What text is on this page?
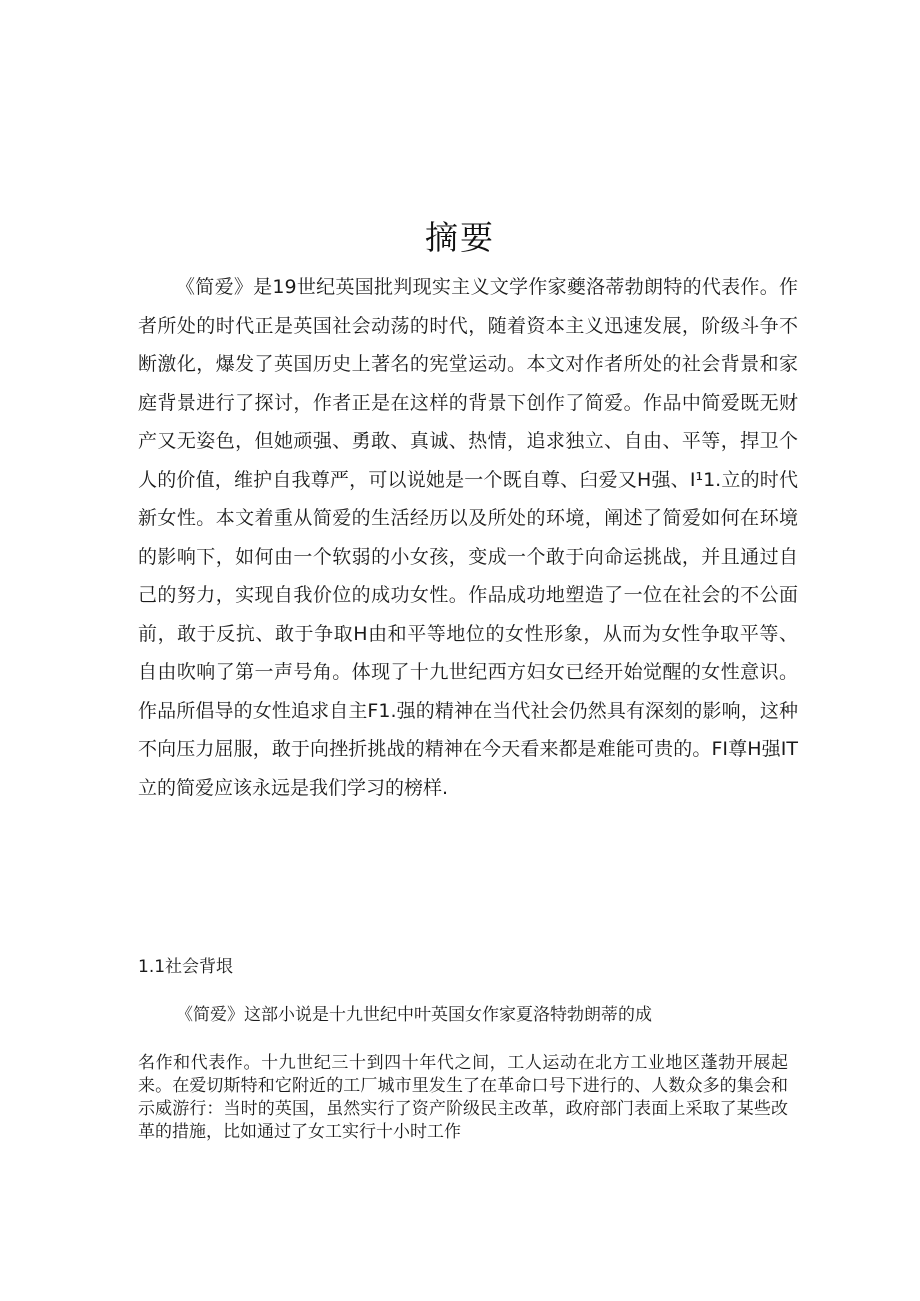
摘要

《简爱》是19世纪英国批判现实主义文学作家夔洛蒂勃朗特的代表作。作者所处的时代正是英国社会动荡的时代，随着资本主义迅速发展，阶级斗争不断激化，爆发了英国历史上著名的宪堂运动。本文对作者所处的社会背景和家庭背景进行了探讨，作者正是在这样的背景下创作了简爱。作品中简爱既无财产又无姿色，但她顽强、勇敢、真诚、热情，追求独立、自由、平等，捍卫个人的价值，维护自我尊严，可以说她是一个既自尊、臼爱又H强、I¹1.立的时代新女性。本文着重从简爱的生活经历以及所处的环境，阐述了简爱如何在环境的影响下，如何由一个软弱的小女孩，变成一个敢于向命运挑战，并且通过自己的努力，实现自我价位的成功女性。作品成功地塑造了一位在社会的不公面前，敢于反抗、敢于争取H由和平等地位的女性形象，从而为女性争取平等、自由吹响了第一声号角。体现了十九世纪西方妇女已经开始觉醒的女性意识。作品所倡导的女性追求自主F1.强的精神在当代社会仍然具有深刻的影响，这种不向压力屈服，敢于向挫折挑战的精神在今天看来都是难能可贵的。FI尊H强IT立的简爱应该永远是我们学习的榜样.

1.1社会背垠
《简爱》这部小说是十九世纪中叶英国女作家夏洛特勃朗蒂的成

名作和代表作。十九世纪三十到四十年代之间，工人运动在北方工业地区蓬勃开展起来。在爱切斯特和它附近的工厂城市里发生了在革命口号下进行的、人数众多的集会和示威游行：当时的英国，虽然实行了资产阶级民主改革，政府部门表面上采取了某些改革的措施，比如通过了女工实行十小时工作
